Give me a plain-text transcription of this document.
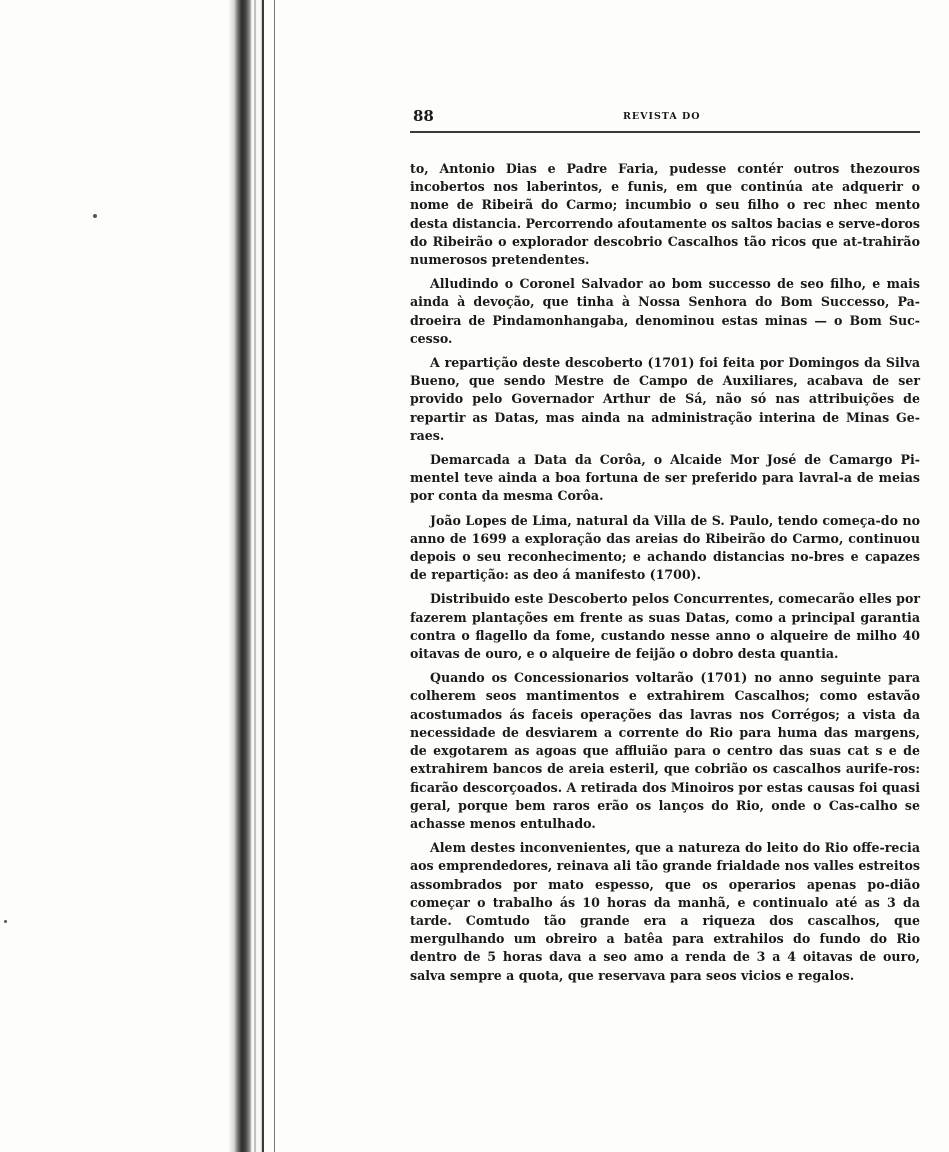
88	REVISTA DO

to, Antonio Dias e Padre Faria, pudesse contér outros thezouros incobertos nos laberintos, e funis, em que continúa ate adquerir o nome de Ribeirã do Carmo; incumbio o seu filho o rec nhec mento desta distancia. Percorrendo afoutamente os saltos bacias e serve-doros do Ribeirão o explorador descobrio Cascalhos tão ricos que at-trahirão numerosos pretendentes.

Alludindo o Coronel Salvador ao bom successo de seo filho, e mais ainda à devoção, que tinha à Nossa Senhora do Bom Successo, Pa-droeira de Pindamonhangaba, denominou estas minas — o Bom Suc-cesso.

A repartição deste descoberto (1701) foi feita por Domingos da Silva Bueno, que sendo Mestre de Campo de Auxiliares, acabava de ser provido pelo Governador Arthur de Sá, não só nas attribuições de repartir as Datas, mas ainda na administração interina de Minas Ge-raes.

Demarcada a Data da Corôa, o Alcaide Mor José de Camargo Pi-mentel teve ainda a boa fortuna de ser preferido para lavral-a de meias por conta da mesma Corôa.

João Lopes de Lima, natural da Villa de S. Paulo, tendo começa-do no anno de 1699 a exploração das areias do Ribeirão do Carmo, continuou depois o seu reconhecimento; e achando distancias no-bres e capazes de repartição: as deo á manifesto (1700).

Distribuido este Descoberto pelos Concurrentes, comecarão elles por fazerem plantações em frente as suas Datas, como a principal garantia contra o flagello da fome, custando nesse anno o alqueire de milho 40 oitavas de ouro, e o alqueire de feijão o dobro desta quantia.

Quando os Concessionarios voltarão (1701) no anno seguinte para colherem seos mantimentos e extrahirem Cascalhos; como estavão acostumados ás faceis operações das lavras nos Corrégos; a vista da necessidade de desviarem a corrente do Rio para huma das margens, de exgotarem as agoas que affluião para o centro das suas cat s e de extrahirem bancos de areia esteril, que cobrião os cascalhos aurife-ros: ficarão descorçoados. A retirada dos Minoiros por estas causas foi quasi geral, porque bem raros erão os lanços do Rio, onde o Cas-calho se achasse menos entulhado.

Alem destes inconvenientes, que a natureza do leito do Rio offe-recia aos emprendedores, reinava ali tão grande frialdade nos valles estreitos assombrados por mato espesso, que os operarios apenas po-dião começar o trabalho ás 10 horas da manhã, e continualo até as 3 da tarde. Comtudo tão grande era a riqueza dos cascalhos, que mergulhando um obreiro a batêa para extrahilos do fundo do Rio dentro de 5 horas dava a seo amo a renda de 3 a 4 oitavas de ouro, salva sempre a quota, que reservava para seos vicios e regalos.
